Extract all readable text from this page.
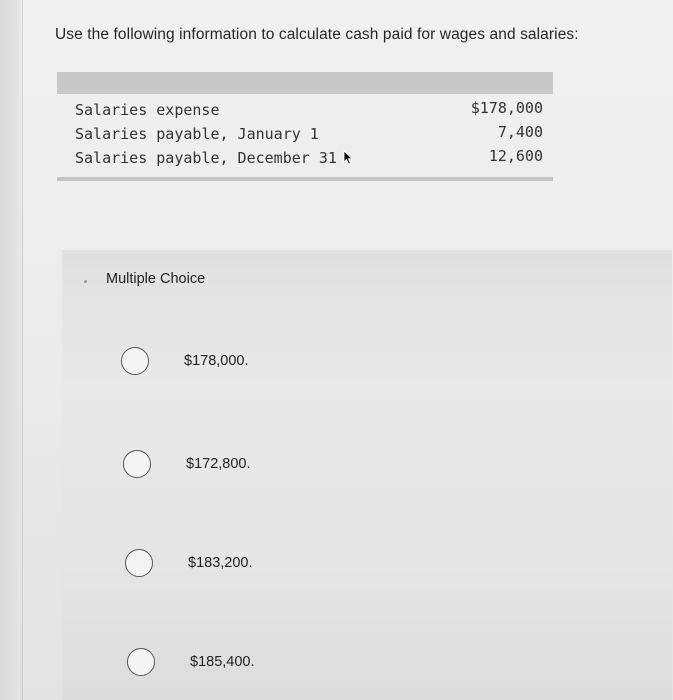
Use the following information to calculate cash paid for wages and salaries:
Salaries expense	$178,000
Salaries payable, January 1	7,400
Salaries payable, December 31	12,600
Multiple Choice
$178,000.
$172,800.
$183,200.
$185,400.
